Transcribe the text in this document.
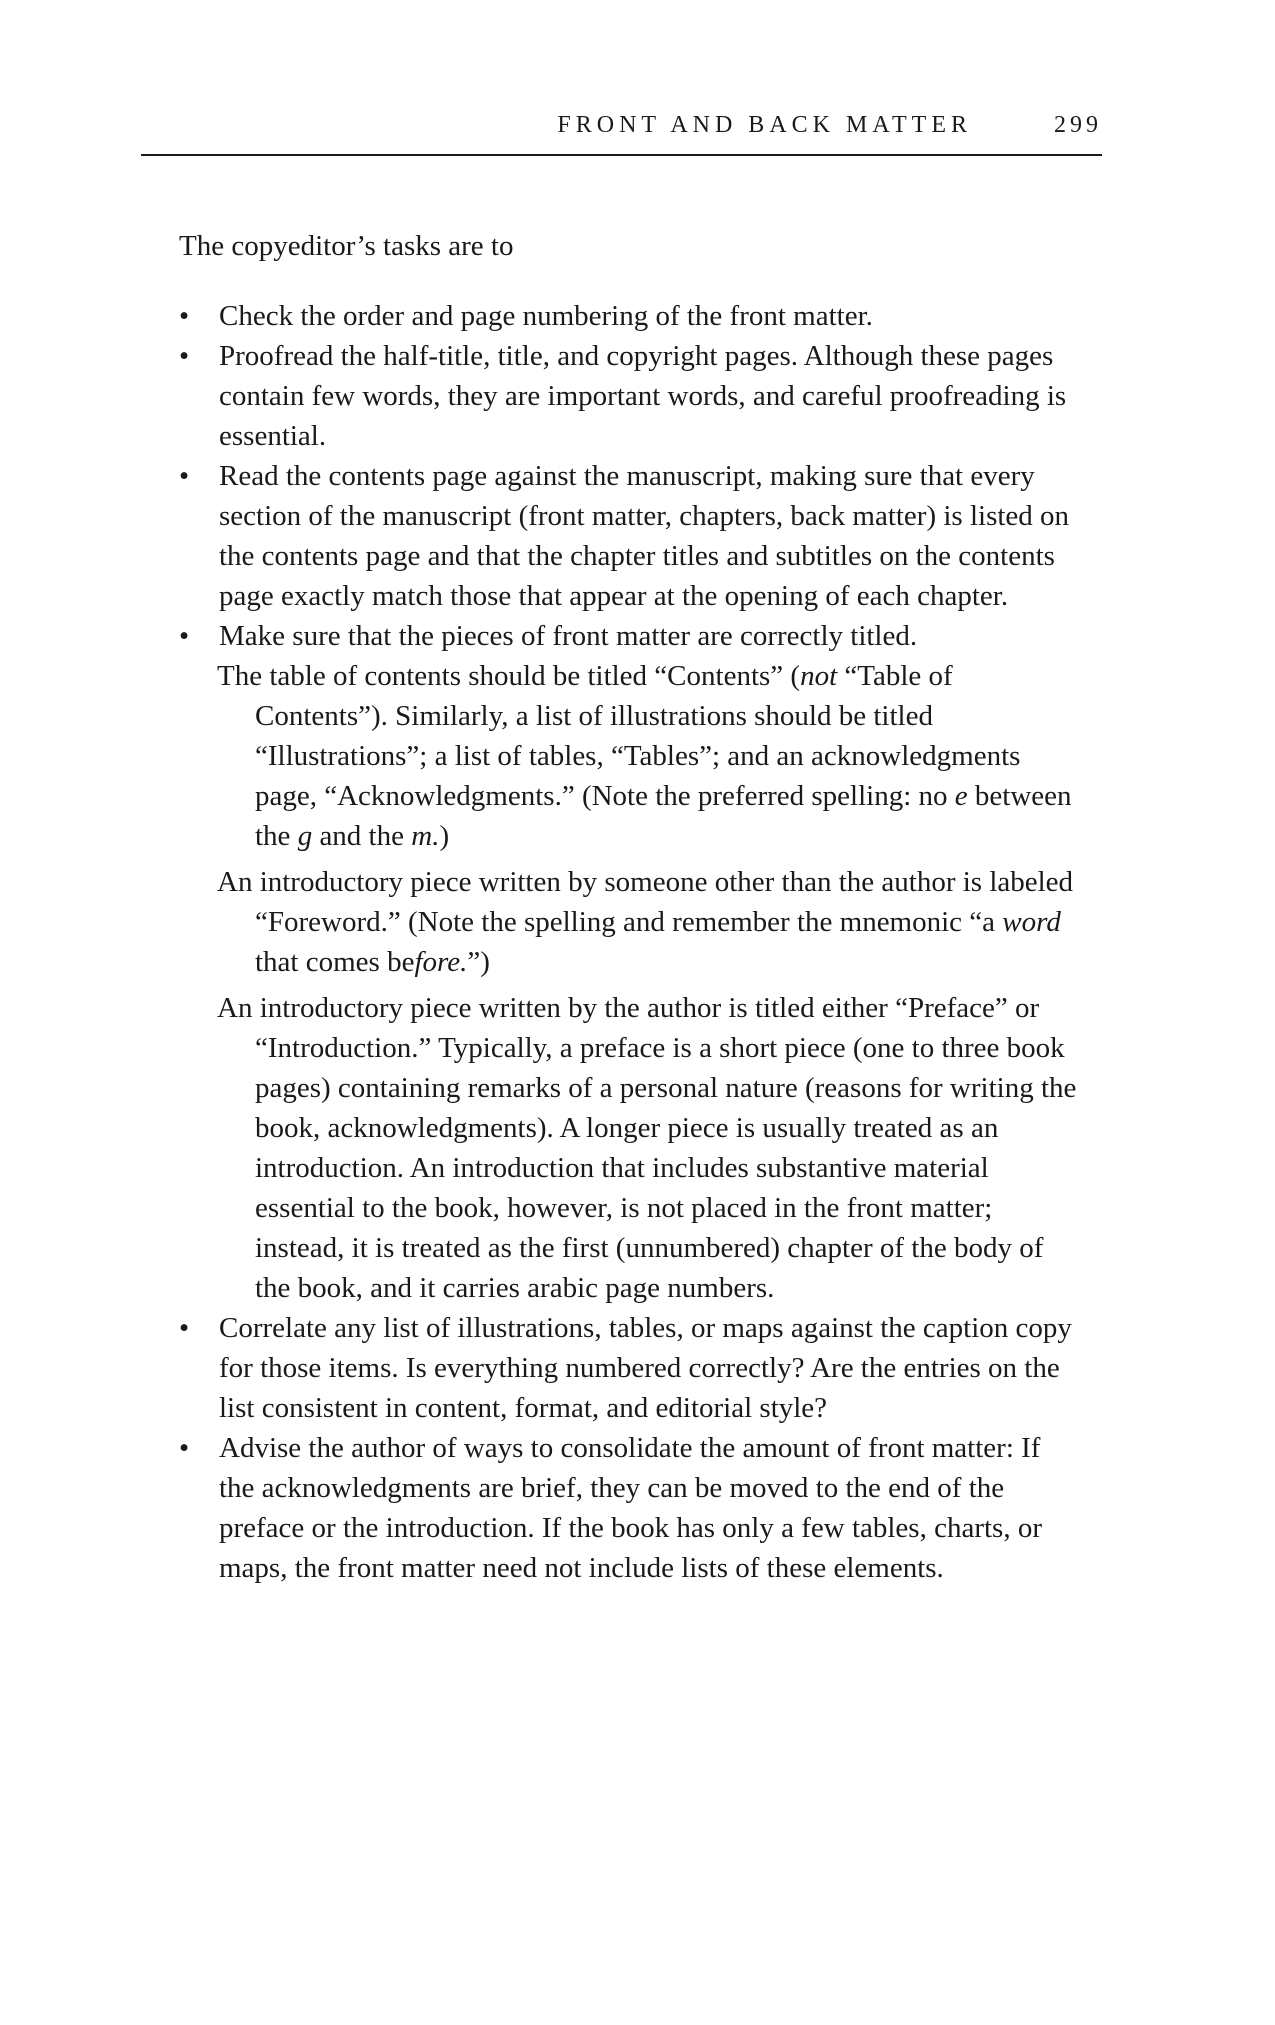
FRONT AND BACK MATTER	299

The copyeditor’s tasks are to

•	Check the order and page numbering of the front matter.
•	Proofread the half-title, title, and copyright pages. Although these pages contain few words, they are important words, and careful proofreading is essential.
•	Read the contents page against the manuscript, making sure that every section of the manuscript (front matter, chapters, back matter) is listed on the contents page and that the chapter titles and subtitles on the contents page exactly match those that appear at the opening of each chapter.
•	Make sure that the pieces of front matter are correctly titled.
The table of contents should be titled “Contents” (not “Table of Contents”). Similarly, a list of illustrations should be titled “Illustrations”; a list of tables, “Tables”; and an acknowledgments page, “Acknowledgments.” (Note the preferred spelling: no e between the g and the m.)
An introductory piece written by someone other than the author is labeled “Foreword.” (Note the spelling and remember the mnemonic “a word that comes before.”)
An introductory piece written by the author is titled either “Preface” or “Introduction.” Typically, a preface is a short piece (one to three book pages) containing remarks of a personal nature (reasons for writing the book, acknowledgments). A longer piece is usually treated as an introduction. An introduction that includes substantive material essential to the book, however, is not placed in the front matter; instead, it is treated as the first (unnumbered) chapter of the body of the book, and it carries arabic page numbers.
•	Correlate any list of illustrations, tables, or maps against the caption copy for those items. Is everything numbered correctly? Are the entries on the list consistent in content, format, and editorial style?
•	Advise the author of ways to consolidate the amount of front matter: If the acknowledgments are brief, they can be moved to the end of the preface or the introduction. If the book has only a few tables, charts, or maps, the front matter need not include lists of these elements.
